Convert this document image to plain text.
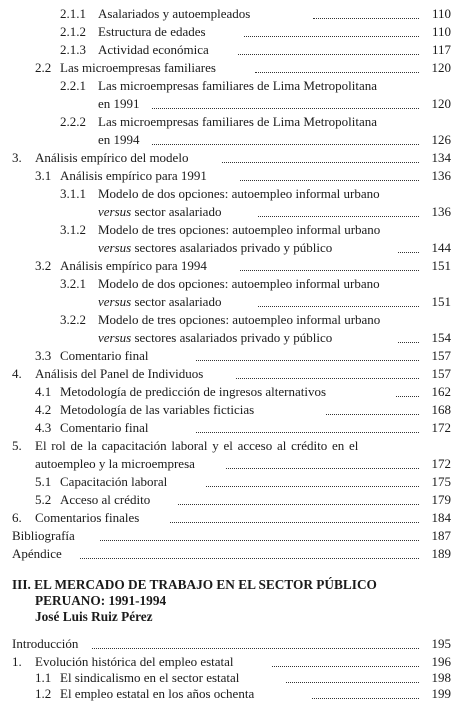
2.1.1 Asalariados y autoempleados	110
2.1.2 Estructura de edades	110
2.1.3 Actividad económica	117
2.2 Las microempresas familiares	120
2.2.1 Las microempresas familiares de Lima Metropolitana
en 1991	120
2.2.2 Las microempresas familiares de Lima Metropolitana
en 1994	126
3. Análisis empírico del modelo	134
3.1 Análisis empírico para 1991	136
3.1.1 Modelo de dos opciones: autoempleo informal urbano
versus sector asalariado	136
3.1.2 Modelo de tres opciones: autoempleo informal urbano
versus sectores asalariados privado y público	144
3.2 Análisis empírico para 1994	151
3.2.1 Modelo de dos opciones: autoempleo informal urbano
versus sector asalariado	151
3.2.2 Modelo de tres opciones: autoempleo informal urbano
versus sectores asalariados privado y público	154
3.3 Comentario final	157
4. Análisis del Panel de Individuos	157
4.1 Metodología de predicción de ingresos alternativos	162
4.2 Metodología de las variables ficticias	168
4.3 Comentario final	172
5. El rol de la capacitación laboral y el acceso al crédito en el
autoempleo y la microempresa	172
5.1 Capacitación laboral	175
5.2 Acceso al crédito	179
6. Comentarios finales	184
Bibliografía	187
Apéndice	189
III. EL MERCADO DE TRABAJO EN EL SECTOR PÚBLICO
PERUANO: 1991-1994
José Luis Ruiz Pérez
Introducción	195
1. Evolución histórica del empleo estatal	196
1.1 El sindicalismo en el sector estatal	198
1.2 El empleo estatal en los años ochenta	199
